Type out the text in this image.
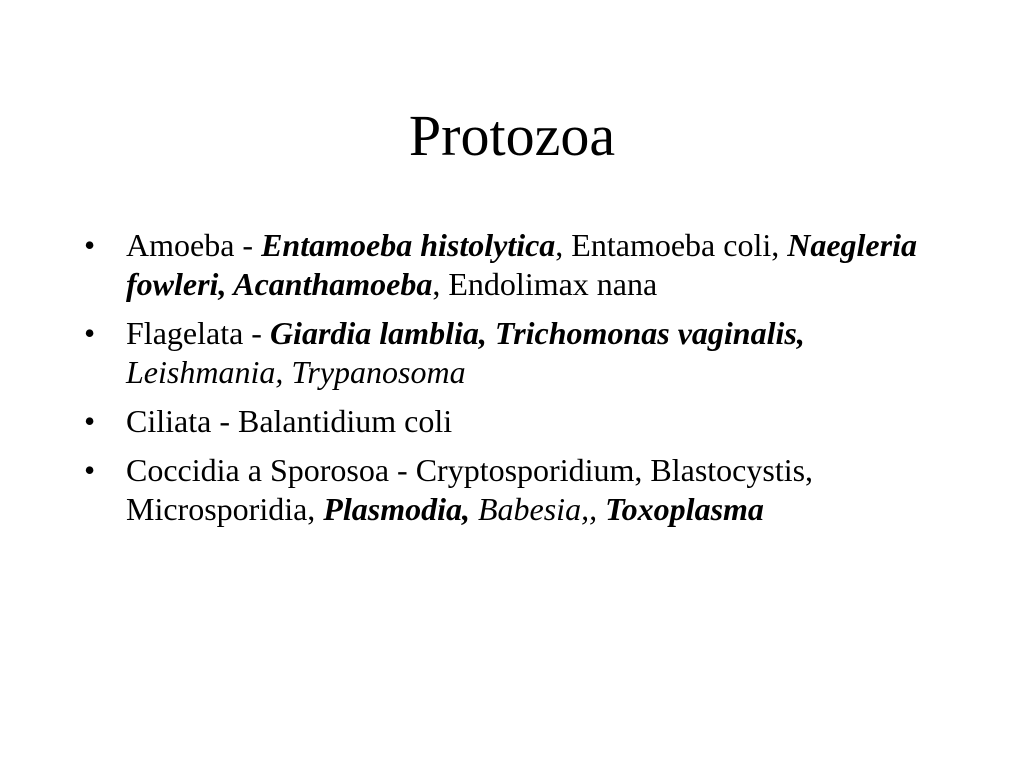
Protozoa
• Amoeba - Entamoeba histolytica, Entamoeba coli, Naegleria fowleri, Acanthamoeba, Endolimax nana
• Flagelata - Giardia lamblia, Trichomonas vaginalis, Leishmania, Trypanosoma
• Ciliata - Balantidium coli
• Coccidia a Sporosoa - Cryptosporidium, Blastocystis, Microsporidia, Plasmodia, Babesia,, Toxoplasma
